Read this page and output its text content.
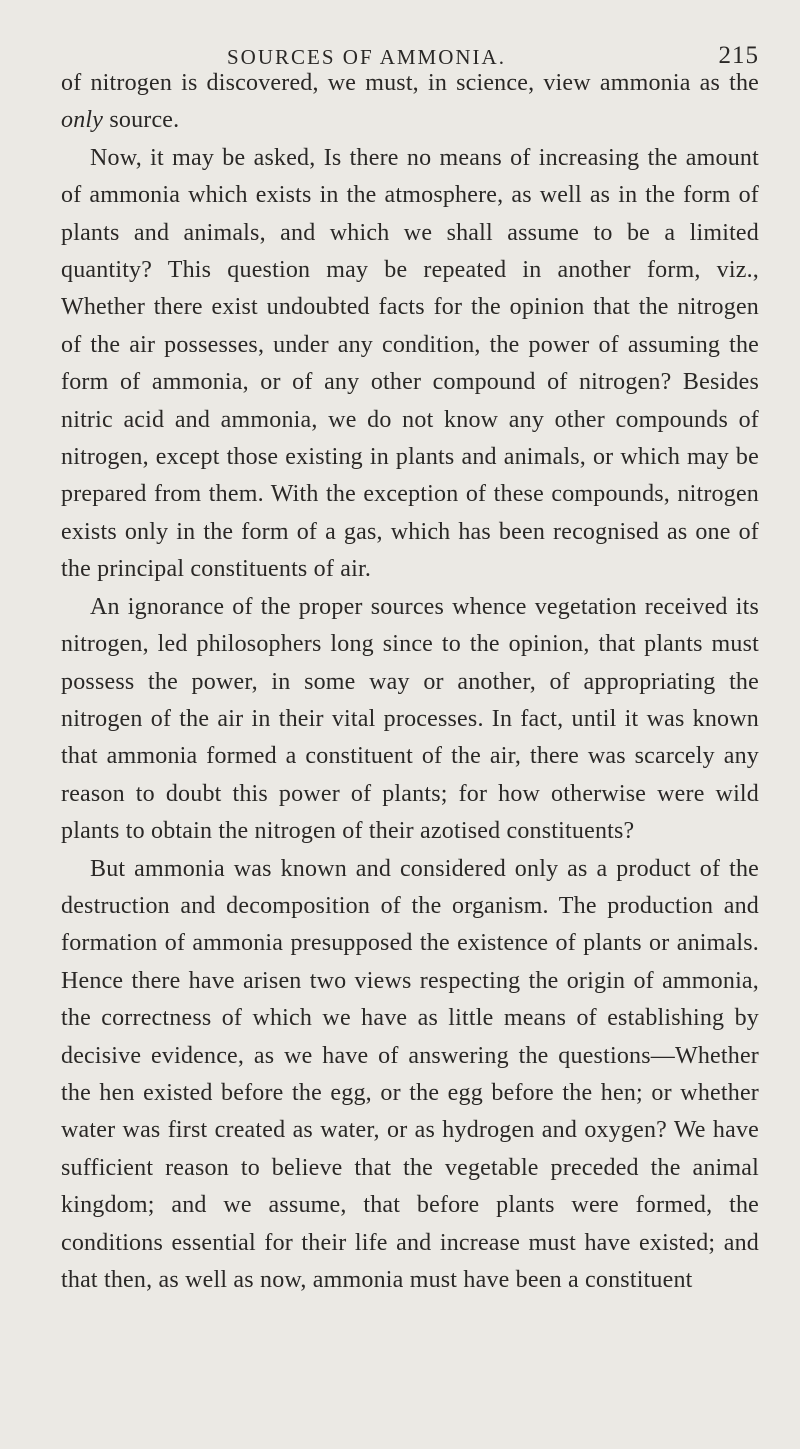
SOURCES OF AMMONIA.	215

of nitrogen is discovered, we must, in science, view ammonia as the only source.

Now, it may be asked, Is there no means of increasing the amount of ammonia which exists in the atmosphere, as well as in the form of plants and animals, and which we shall assume to be a limited quantity? This question may be repeated in another form, viz., Whether there exist undoubted facts for the opinion that the nitrogen of the air possesses, under any condition, the power of assuming the form of ammonia, or of any other compound of nitrogen? Besides nitric acid and ammonia, we do not know any other compounds of nitrogen, except those existing in plants and animals, or which may be prepared from them. With the exception of these compounds, nitrogen exists only in the form of a gas, which has been recognised as one of the principal constituents of air.

An ignorance of the proper sources whence vegetation received its nitrogen, led philosophers long since to the opinion, that plants must possess the power, in some way or another, of appropriating the nitrogen of the air in their vital processes. In fact, until it was known that ammonia formed a constituent of the air, there was scarcely any reason to doubt this power of plants; for how otherwise were wild plants to obtain the nitrogen of their azotised constituents?

But ammonia was known and considered only as a product of the destruction and decomposition of the organism. The production and formation of ammonia presupposed the existence of plants or animals. Hence there have arisen two views respecting the origin of ammonia, the correctness of which we have as little means of establishing by decisive evidence, as we have of answering the questions—Whether the hen existed before the egg, or the egg before the hen; or whether water was first created as water, or as hydrogen and oxygen? We have sufficient reason to believe that the vegetable preceded the animal kingdom; and we assume, that before plants were formed, the conditions essential for their life and increase must have existed; and that then, as well as now, ammonia must have been a constituent
